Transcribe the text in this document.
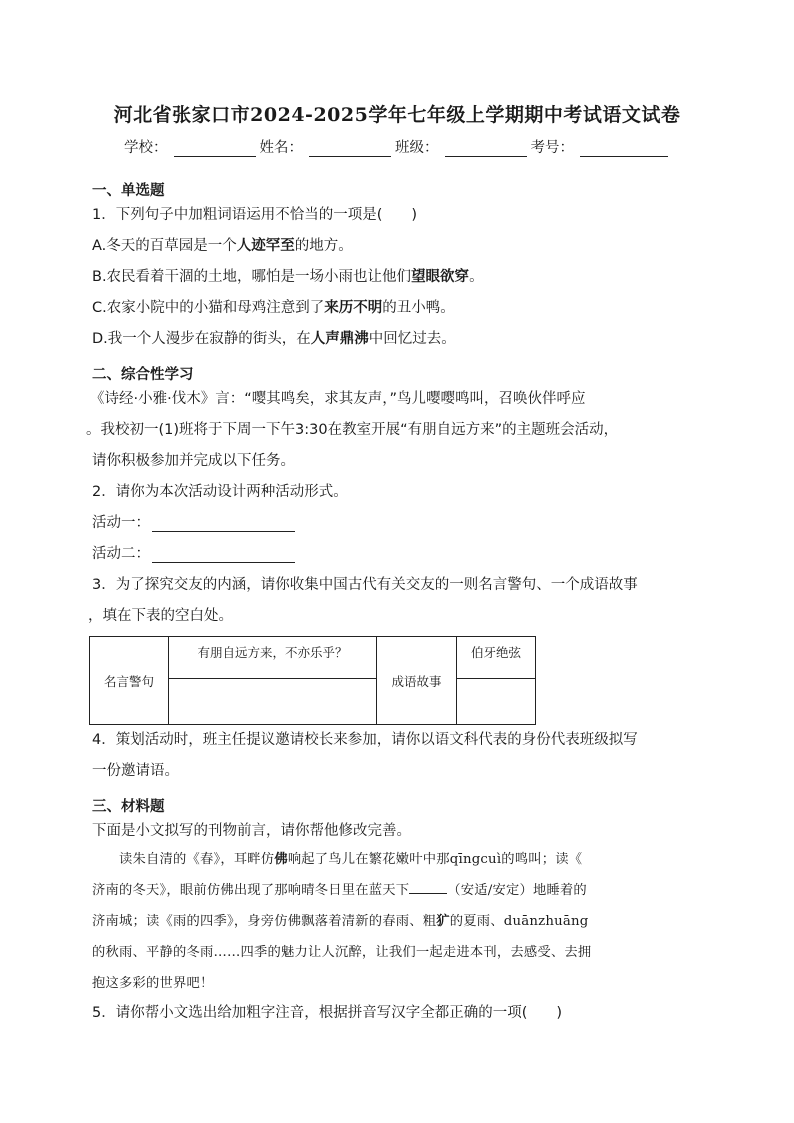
河北省张家口市2024-2025学年七年级上学期期中考试语文试卷
学校：	姓名：	班级：	考号：
一、单选题
1．下列句子中加粗词语运用不恰当的一项是(　　)
A.冬天的百草园是一个人迹罕至的地方。
B.农民看着干涸的土地，哪怕是一场小雨也让他们望眼欲穿。
C.农家小院中的小猫和母鸡注意到了来历不明的丑小鸭。
D.我一个人漫步在寂静的街头，在人声鼎沸中回忆过去。
二、综合性学习
《诗经·小雅·伐木》言：“嘤其鸣矣，求其友声，”鸟儿嘤嘤鸣叫，召唤伙伴呼应
。我校初一(1)班将于下周一下午3:30在教室开展“有朋自远方来”的主题班会活动，
请你积极参加并完成以下任务。
2．请你为本次活动设计两种活动形式。
活动一：
活动二：
3．为了探究交友的内涵，请你收集中国古代有关交友的一则名言警句、一个成语故事
，填在下表的空白处。
名言警句	有朋自远方来，不亦乐乎？	成语故事	伯牙绝弦

4．策划活动时，班主任提议邀请校长来参加，请你以语文科代表的身份代表班级拟写
一份邀请语。
三、材料题
下面是小文拟写的刊物前言，请你帮他修改完善。
　　读朱自清的《春》，耳畔仿佛响起了鸟儿在繁花嫩叶中那qīngcuì的鸣叫；读《
济南的冬天》，眼前仿佛出现了那响晴冬日里在蓝天下	（安适/安定）地睡着的
济南城；读《雨的四季》，身旁仿佛飘落着清新的春雨、粗犷的夏雨、duānzhuāng
的秋雨、平静的冬雨……四季的魅力让人沉醉，让我们一起走进本刊，去感受、去拥
抱这多彩的世界吧！
5．请你帮小文选出给加粗字注音，根据拼音写汉字全都正确的一项(　　)
